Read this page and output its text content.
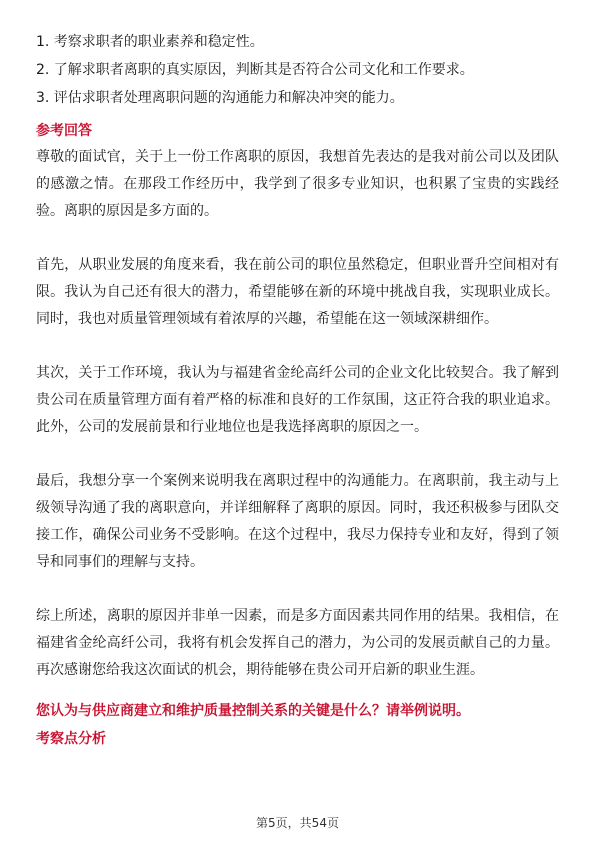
1. 考察求职者的职业素养和稳定性。

2. 了解求职者离职的真实原因，判断其是否符合公司文化和工作要求。

3. 评估求职者处理离职问题的沟通能力和解决冲突的能力。

参考回答

尊敬的面试官，关于上一份工作离职的原因，我想首先表达的是我对前公司以及团队的感激之情。在那段工作经历中，我学到了很多专业知识，也积累了宝贵的实践经验。离职的原因是多方面的。

首先，从职业发展的角度来看，我在前公司的职位虽然稳定，但职业晋升空间相对有限。我认为自己还有很大的潜力，希望能够在新的环境中挑战自我，实现职业成长。同时，我也对质量管理领域有着浓厚的兴趣，希望能在这一领域深耕细作。

其次，关于工作环境，我认为与福建省金纶高纤公司的企业文化比较契合。我了解到贵公司在质量管理方面有着严格的标准和良好的工作氛围，这正符合我的职业追求。此外，公司的发展前景和行业地位也是我选择离职的原因之一。

最后，我想分享一个案例来说明我在离职过程中的沟通能力。在离职前，我主动与上级领导沟通了我的离职意向，并详细解释了离职的原因。同时，我还积极参与团队交接工作，确保公司业务不受影响。在这个过程中，我尽力保持专业和友好，得到了领导和同事们的理解与支持。

综上所述，离职的原因并非单一因素，而是多方面因素共同作用的结果。我相信，在福建省金纶高纤公司，我将有机会发挥自己的潜力，为公司的发展贡献自己的力量。再次感谢您给我这次面试的机会，期待能够在贵公司开启新的职业生涯。

您认为与供应商建立和维护质量控制关系的关键是什么？请举例说明。

考察点分析

第5页，共54页
